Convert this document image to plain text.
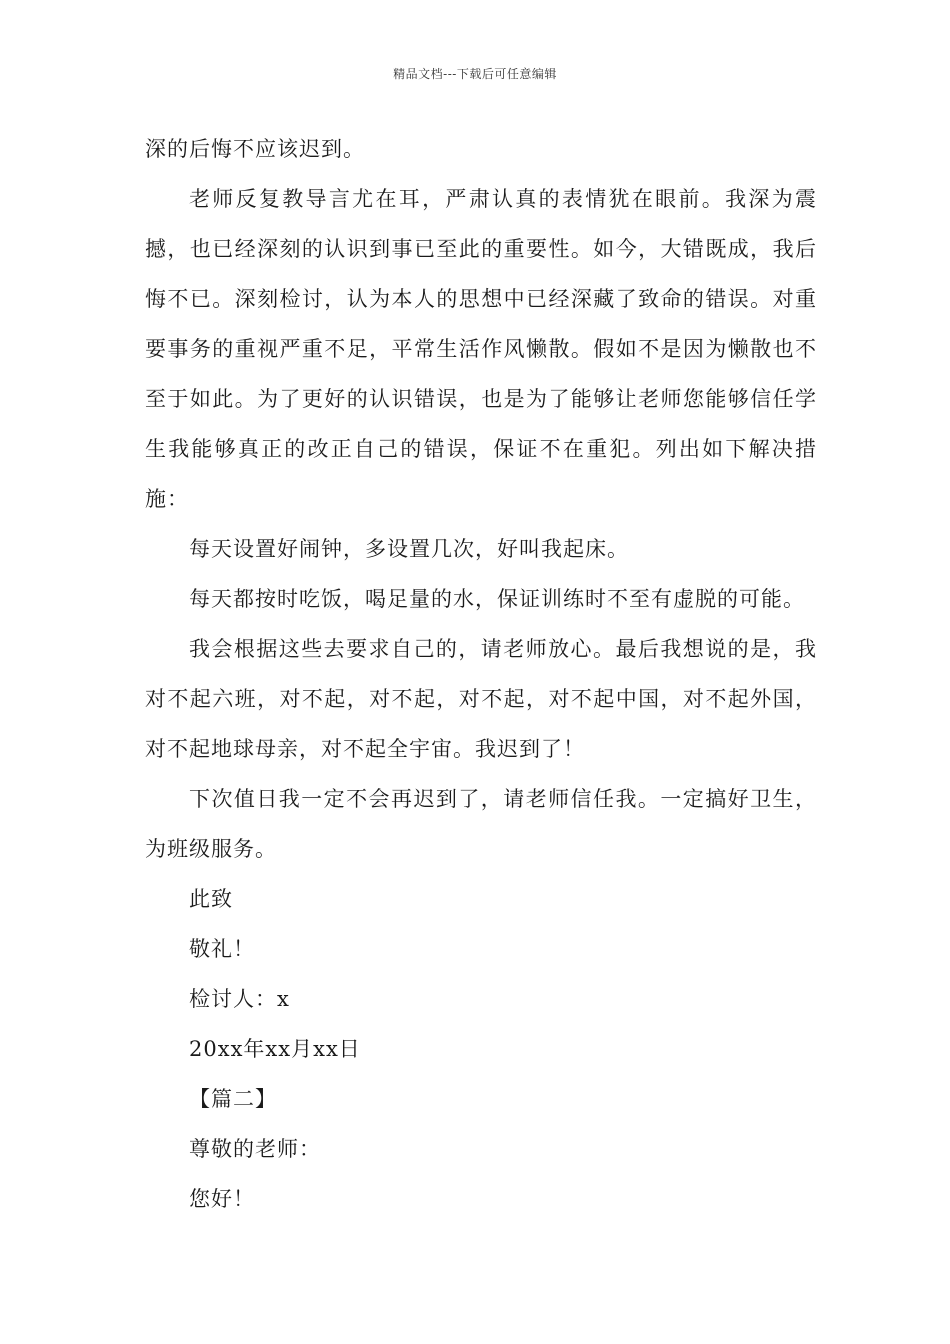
精品文档---下载后可任意编辑

深的后悔不应该迟到。

老师反复教导言尤在耳，严肃认真的表情犹在眼前。我深为震撼，也已经深刻的认识到事已至此的重要性。如今，大错既成，我后悔不已。深刻检讨，认为本人的思想中已经深藏了致命的错误。对重要事务的重视严重不足，平常生活作风懒散。假如不是因为懒散也不至于如此。为了更好的认识错误，也是为了能够让老师您能够信任学生我能够真正的改正自己的错误，保证不在重犯。列出如下解决措施：

每天设置好闹钟，多设置几次，好叫我起床。

每天都按时吃饭，喝足量的水，保证训练时不至有虚脱的可能。

我会根据这些去要求自己的，请老师放心。最后我想说的是，我对不起六班，对不起，对不起，对不起，对不起中国，对不起外国，对不起地球母亲，对不起全宇宙。我迟到了！

下次值日我一定不会再迟到了，请老师信任我。一定搞好卫生，为班级服务。

此致

敬礼！

检讨人：x

20xx年xx月xx日

【篇二】

尊敬的老师：

您好！
